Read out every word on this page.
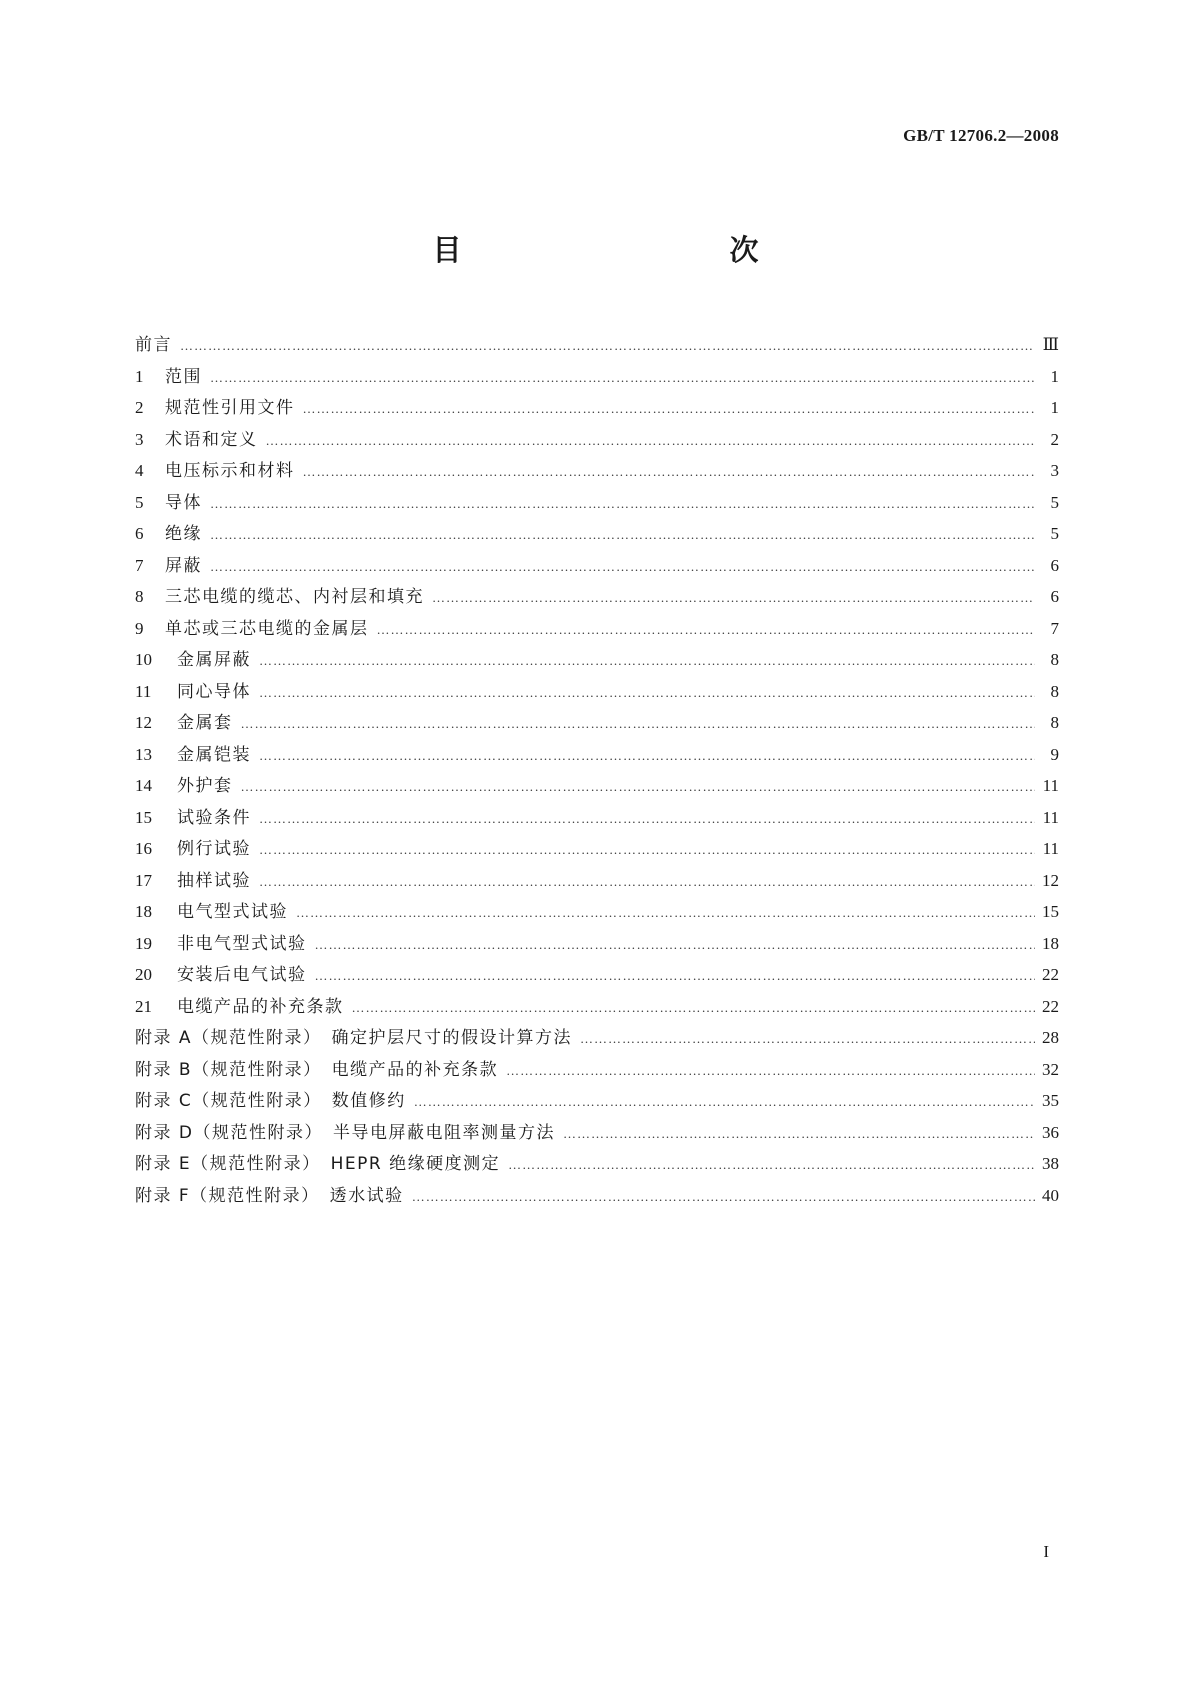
GB/T 12706.2—2008
目　　次
前言 ………………………………………………………………………………………………………………………………………………………………………………………………………………………………………………	Ⅲ
1	范围 ………………………………………………………………………………………………………………………………………………………………………………………………………………………………………………	1
2	规范性引用文件 ………………………………………………………………………………………………………………………………………………………………………………………………………………………………………………	1
3	术语和定义 ………………………………………………………………………………………………………………………………………………………………………………………………………………………………………………	2
4	电压标示和材料 ………………………………………………………………………………………………………………………………………………………………………………………………………………………………………………	3
5	导体 ………………………………………………………………………………………………………………………………………………………………………………………………………………………………………………	5
6	绝缘 ………………………………………………………………………………………………………………………………………………………………………………………………………………………………………………	5
7	屏蔽 ………………………………………………………………………………………………………………………………………………………………………………………………………………………………………………	6
8	三芯电缆的缆芯、内衬层和填充 ………………………………………………………………………………………………………………………………………………………………………………………………………………………………………………	6
9	单芯或三芯电缆的金属层 ………………………………………………………………………………………………………………………………………………………………………………………………………………………………………………	7
10	金属屏蔽 ………………………………………………………………………………………………………………………………………………………………………………………………………………………………………………	8
11	同心导体 ………………………………………………………………………………………………………………………………………………………………………………………………………………………………………………	8
12	金属套 ………………………………………………………………………………………………………………………………………………………………………………………………………………………………………………	8
13	金属铠装 ………………………………………………………………………………………………………………………………………………………………………………………………………………………………………………	9
14	外护套 ………………………………………………………………………………………………………………………………………………………………………………………………………………………………………………	11
15	试验条件 ………………………………………………………………………………………………………………………………………………………………………………………………………………………………………………	11
16	例行试验 ………………………………………………………………………………………………………………………………………………………………………………………………………………………………………………	11
17	抽样试验 ………………………………………………………………………………………………………………………………………………………………………………………………………………………………………………	12
18	电气型式试验 ………………………………………………………………………………………………………………………………………………………………………………………………………………………………………………	15
19	非电气型式试验 ………………………………………………………………………………………………………………………………………………………………………………………………………………………………………………	18
20	安装后电气试验 ………………………………………………………………………………………………………………………………………………………………………………………………………………………………………………	22
21	电缆产品的补充条款 ………………………………………………………………………………………………………………………………………………………………………………………………………………………………………………	22
附录 A（规范性附录）　确定护层尺寸的假设计算方法 ………………………………………………………………………………………………………………………………………………………………………………………………………………………………………………	28
附录 B（规范性附录）　电缆产品的补充条款 ………………………………………………………………………………………………………………………………………………………………………………………………………………………………………………	32
附录 C（规范性附录）　数值修约 ………………………………………………………………………………………………………………………………………………………………………………………………………………………………………………	35
附录 D（规范性附录）　半导电屏蔽电阻率测量方法 ………………………………………………………………………………………………………………………………………………………………………………………………………………………………………………	36
附录 E（规范性附录）　HEPR 绝缘硬度测定 ………………………………………………………………………………………………………………………………………………………………………………………………………………………………………………	38
附录 F（规范性附录）　透水试验 ………………………………………………………………………………………………………………………………………………………………………………………………………………………………………………	40
I
